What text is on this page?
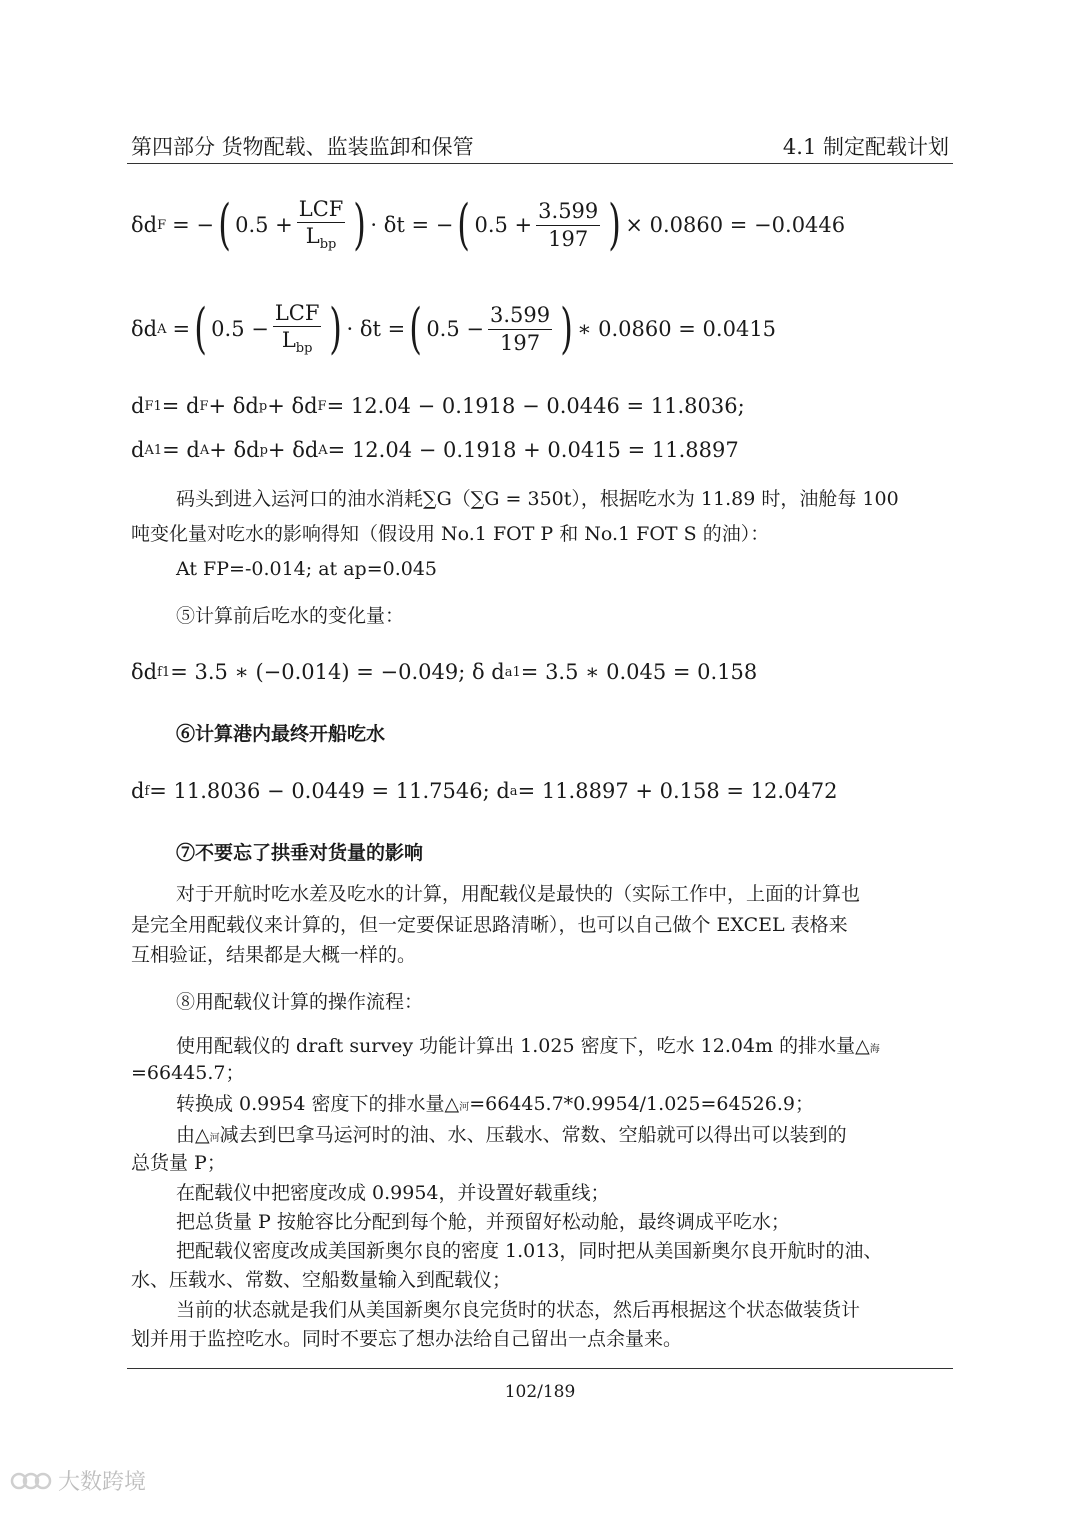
第四部分 货物配载、监装监卸和保管	4.1 制定配载计划
δd F = − ( $0.5 + \frac{\text{LCF}}{L_{bp}}$ ) · δt = − ( $0.5 + \frac{3.599}{197}$ ) × 0.0860 = −0.0446
δd A = ( $0.5 - \frac{\text{LCF}}{L_{bp}}$ ) · δt = ( $0.5 - \frac{3.599}{197}$ ) ∗ 0.0860 = 0.0415
d F1 = d F + δd p + δd F = 12.04 − 0.1918 − 0.0446 = 11.8036;
d A1 = d A + δd p + δd A = 12.04 − 0.1918 + 0.0415 = 11.8897
码头到进入运河口的油水消耗∑G（∑G = 350t），根据吃水为 11.89 时，油舱每 100
吨变化量对吃水的影响得知（假设用 No.1 FOT P 和 No.1 FOT S 的油）：
At FP=-0.014; at ap=0.045
⑤计算前后吃水的变化量：
δd f1 = 3.5 ∗ (−0.014) = −0.049; δ d a1 = 3.5 ∗ 0.045 = 0.158
⑥计算港内最终开船吃水
d f = 11.8036 − 0.0449 = 11.7546; d a = 11.8897 + 0.158 = 12.0472
⑦不要忘了拱垂对货量的影响
对于开航时吃水差及吃水的计算，用配载仪是最快的（实际工作中，上面的计算也
是完全用配载仪来计算的，但一定要保证思路清晰），也可以自己做个 EXCEL 表格来
互相验证，结果都是大概一样的。
⑧用配载仪计算的操作流程：
使用配载仪的 draft survey 功能计算出 1.025 密度下，吃水 12.04m 的排水量△海
=66445.7；
转换成 0.9954 密度下的排水量△河=66445.7*0.9954/1.025=64526.9；
由△河减去到巴拿马运河时的油、水、压载水、常数、空船就可以得出可以装到的
总货量 P；
在配载仪中把密度改成 0.9954，并设置好载重线；
把总货量 P 按舱容比分配到每个舱，并预留好松动舱，最终调成平吃水；
把配载仪密度改成美国新奥尔良的密度 1.013，同时把从美国新奥尔良开航时的油、
水、压载水、常数、空船数量输入到配载仪；
当前的状态就是我们从美国新奥尔良完货时的状态，然后再根据这个状态做装货计
划并用于监控吃水。同时不要忘了想办法给自己留出一点余量来。
102/189
大数跨境
